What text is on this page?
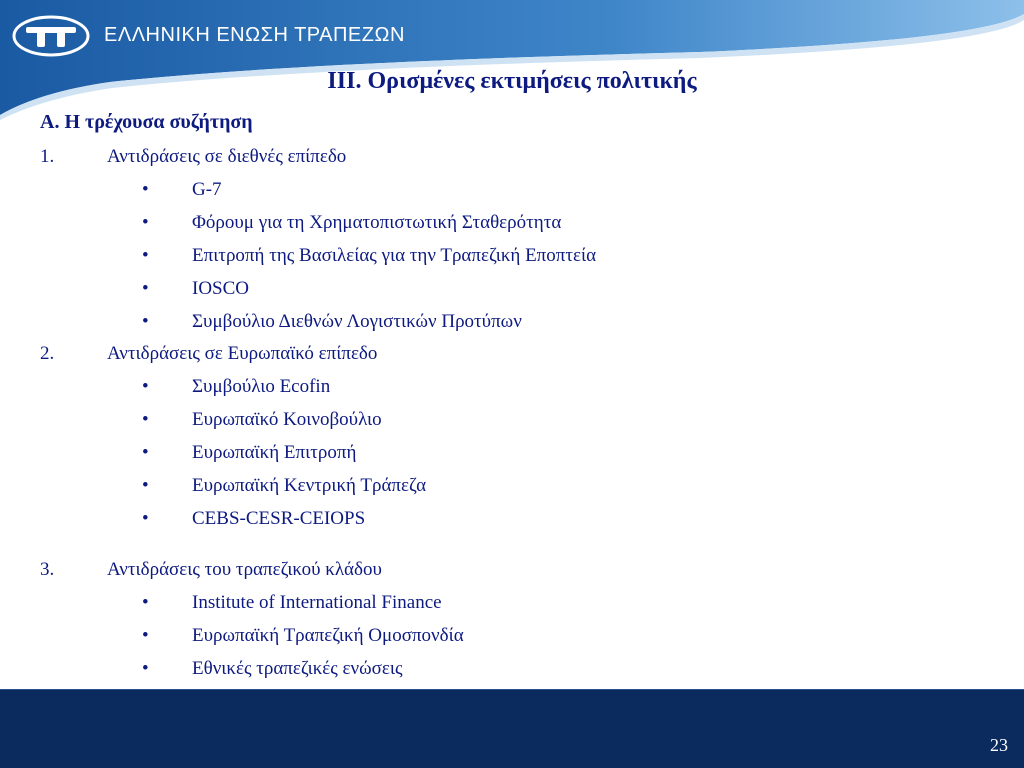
ΕΛΛΗΝΙΚΗ ΕΝΩΣΗ ΤΡΑΠΕΖΩΝ
III. Ορισμένες εκτιμήσεις πολιτικής
Α. Η τρέχουσα συζήτηση
1.	Αντιδράσεις σε διεθνές επίπεδο
• G-7
• Φόρουμ για τη Χρηματοπιστωτική Σταθερότητα
• Επιτροπή της Βασιλείας για την Τραπεζική Εποπτεία
• IOSCO
• Συμβούλιο Διεθνών Λογιστικών Προτύπων
2.	Αντιδράσεις σε Ευρωπαϊκό επίπεδο
• Συμβούλιο Ecofin
• Ευρωπαϊκό Κοινοβούλιο
• Ευρωπαϊκή Επιτροπή
• Ευρωπαϊκή Κεντρική Τράπεζα
• CEBS-CESR-CEIOPS
3.	Αντιδράσεις του τραπεζικού κλάδου
• Institute of International Finance
• Ευρωπαϊκή Τραπεζική Ομοσπονδία
• Εθνικές τραπεζικές ενώσεις
23
